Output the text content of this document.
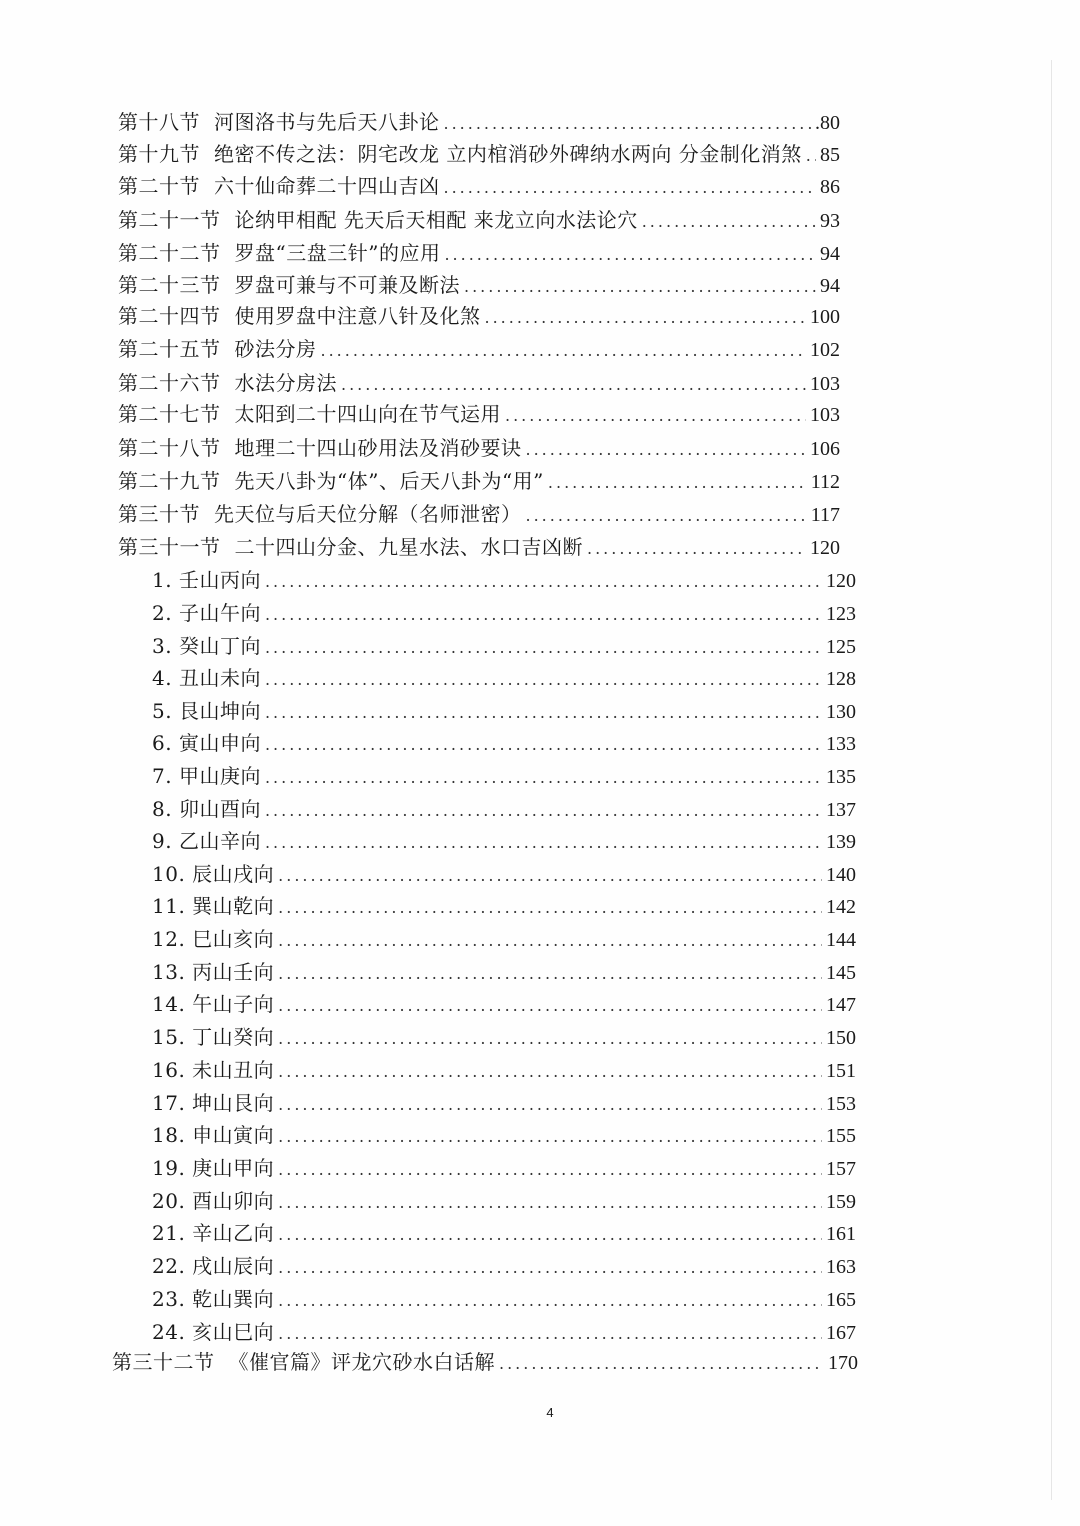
第十八节 河图洛书与先后天八卦论 .....	.80
第十九节 绝密不传之法：阴宅改龙 立内棺消砂外碑纳水两向 分金制化消煞 ..... 85
第二十节 六十仙命葬二十四山吉凶 .....	86
第二十一节 论纳甲相配 先天后天相配 来龙立向水法论穴 .....	93
第二十二节 罗盘“三盘三针”的应用 .....	94
第二十三节 罗盘可兼与不可兼及断法 .....	94
第二十四节 使用罗盘中注意八针及化煞 .....	100
第二十五节 砂法分房 .....	102
第二十六节 水法分房法 .....	103
第二十七节 太阳到二十四山向在节气运用 .....	103
第二十八节 地理二十四山砂用法及消砂要诀 .....	106
第二十九节 先天八卦为“体”、后天八卦为“用” .....	112
第三十节 先天位与后天位分解（名师泄密） .....	117
第三十一节 二十四山分金、九星水法、水口吉凶断 .....	120
1. 壬山丙向 .....	120
2. 子山午向 .....	123
3. 癸山丁向 .....	125
4. 丑山未向 .....	128
5. 艮山坤向 .....	130
6. 寅山申向 .....	133
7. 甲山庚向 .....	135
8. 卯山酉向 .....	137
9. 乙山辛向 .....	139
10. 辰山戌向 .....	140
11. 巽山乾向 .....	142
12. 巳山亥向 .....	144
13. 丙山壬向 .....	145
14. 午山子向 .....	147
15. 丁山癸向 .....	150
16. 未山丑向 .....	151
17. 坤山艮向 .....	153
18. 申山寅向 .....	155
19. 庚山甲向 .....	157
20. 酉山卯向 .....	159
21. 辛山乙向 .....	161
22. 戌山辰向 .....	163
23. 乾山巽向 .....	165
24. 亥山巳向 .....	167
第三十二节 《催官篇》评龙穴砂水白话解 .....	170
4
